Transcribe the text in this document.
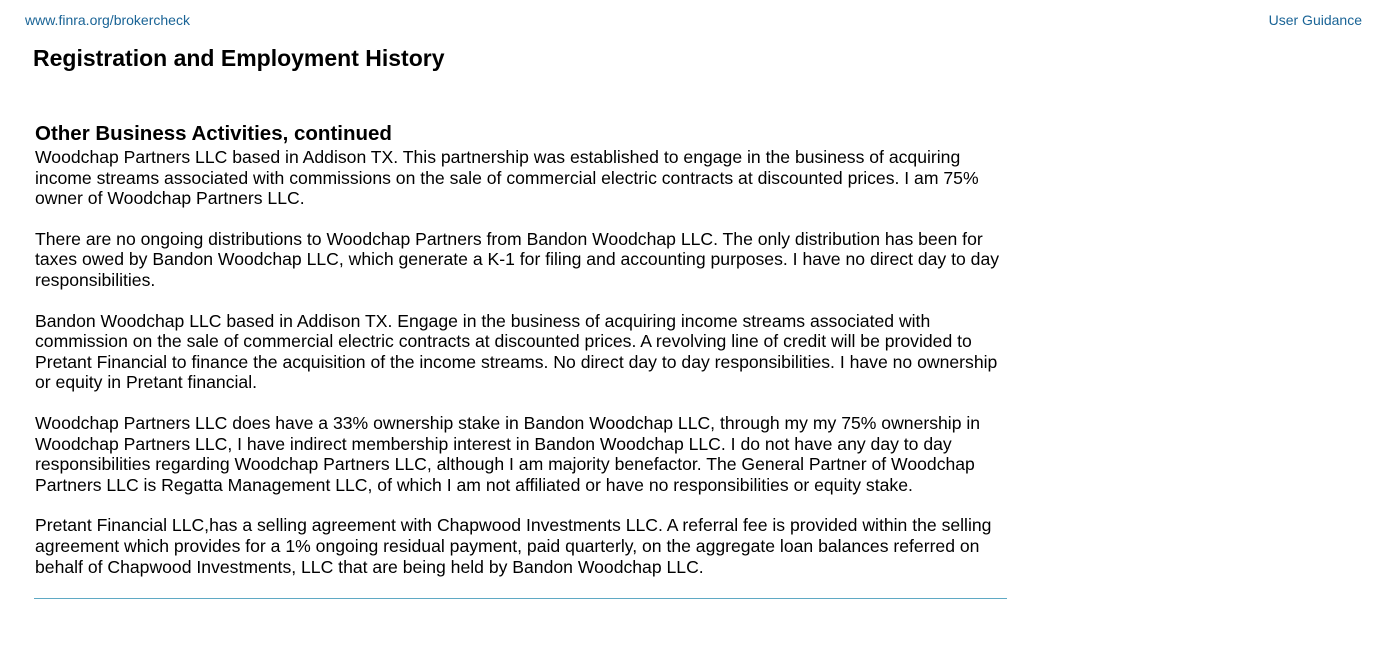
www.finra.org/brokercheck	User Guidance
Registration and Employment History
Other Business Activities, continued

Woodchap Partners LLC based in Addison TX. This partnership was established to engage in the business of acquiring income streams associated with commissions on the sale of commercial electric contracts at discounted prices. I am 75% owner of Woodchap Partners LLC.

There are no ongoing distributions to Woodchap Partners from Bandon Woodchap LLC. The only distribution has been for taxes owed by Bandon Woodchap LLC, which generate a K-1 for filing and accounting purposes. I have no direct day to day responsibilities.

Bandon Woodchap LLC based in Addison TX. Engage in the business of acquiring income streams associated with commission on the sale of commercial electric contracts at discounted prices. A revolving line of credit will be provided to Pretant Financial to finance the acquisition of the income streams. No direct day to day responsibilities. I have no ownership or equity in Pretant financial.

Woodchap Partners LLC does have a 33% ownership stake in Bandon Woodchap LLC, through my my 75% ownership in Woodchap Partners LLC, I have indirect membership interest in Bandon Woodchap LLC. I do not have any day to day responsibilities regarding Woodchap Partners LLC, although I am majority benefactor. The General Partner of Woodchap Partners LLC is Regatta Management LLC, of which I am not affiliated or have no responsibilities or equity stake.

Pretant Financial LLC,has a selling agreement with Chapwood Investments LLC. A referral fee is provided within the selling agreement which provides for a 1% ongoing residual payment, paid quarterly, on the aggregate loan balances referred on behalf of Chapwood Investments, LLC that are being held by Bandon Woodchap LLC.
